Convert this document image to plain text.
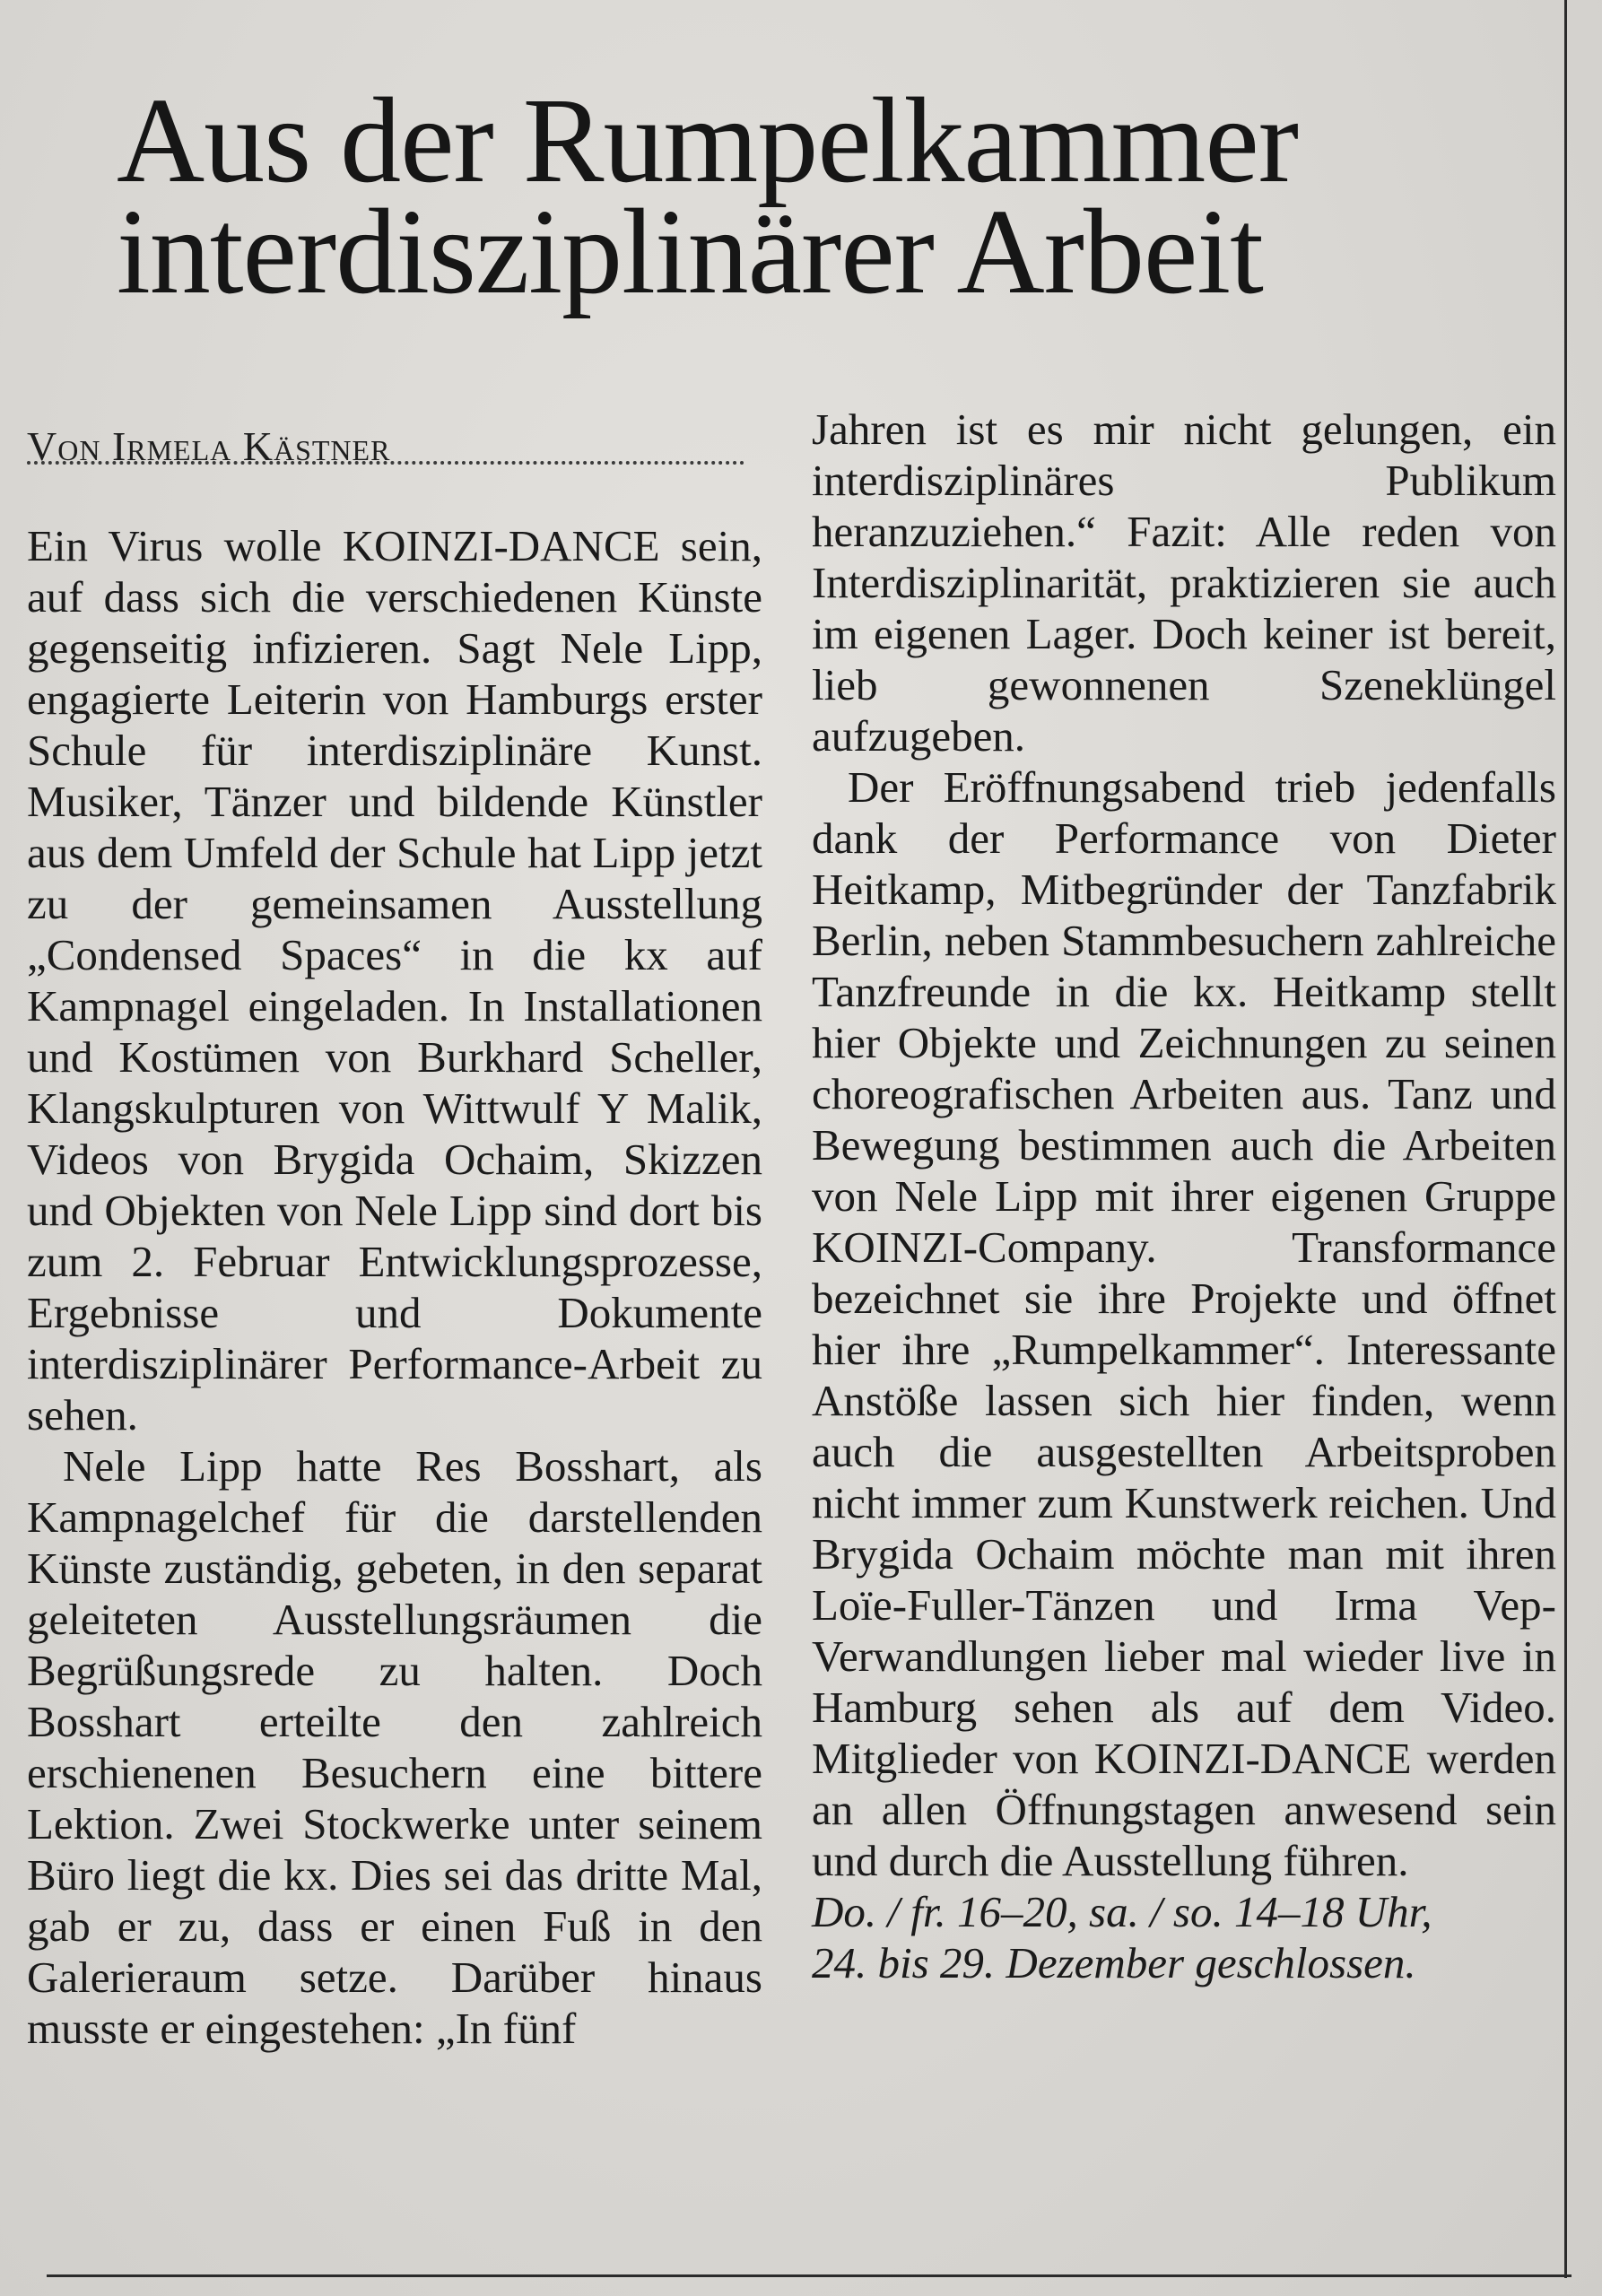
Aus der Rumpelkammer
interdisziplinärer Arbeit
Von Irmela Kästner

Ein Virus wolle KOINZI-DANCE sein, auf dass sich die verschiedenen Künste gegenseitig infizieren. Sagt Nele Lipp, engagierte Leiterin von Hamburgs erster Schule für interdisziplinäre Kunst. Musiker, Tänzer und bildende Künstler aus dem Umfeld der Schule hat Lipp jetzt zu der gemeinsamen Ausstellung „Condensed Spaces“ in die kx auf Kampnagel eingeladen. In Installationen und Kostümen von Burkhard Scheller, Klangskulpturen von Wittwulf Y Malik, Videos von Brygida Ochaim, Skizzen und Objekten von Nele Lipp sind dort bis zum 2. Februar Entwicklungsprozesse, Ergebnisse und Dokumente interdisziplinärer Performance-Arbeit zu sehen.

Nele Lipp hatte Res Bosshart, als Kampnagelchef für die darstellenden Künste zuständig, gebeten, in den separat geleiteten Ausstellungsräumen die Begrüßungsrede zu halten. Doch Bosshart erteilte den zahlreich erschienenen Besuchern eine bittere Lektion. Zwei Stockwerke unter seinem Büro liegt die kx. Dies sei das dritte Mal, gab er zu, dass er einen Fuß in den Galerieraum setze. Darüber hinaus musste er eingestehen: „In fünf

Jahren ist es mir nicht gelungen, ein interdisziplinäres Publikum heranzuziehen.“ Fazit: Alle reden von Interdisziplinarität, praktizieren sie auch im eigenen Lager. Doch keiner ist bereit, lieb gewonnenen Szeneklüngel aufzugeben.

Der Eröffnungsabend trieb jedenfalls dank der Performance von Dieter Heitkamp, Mitbegründer der Tanzfabrik Berlin, neben Stammbesuchern zahlreiche Tanzfreunde in die kx. Heitkamp stellt hier Objekte und Zeichnungen zu seinen choreografischen Arbeiten aus. Tanz und Bewegung bestimmen auch die Arbeiten von Nele Lipp mit ihrer eigenen Gruppe KOINZI-Company. Transformance bezeichnet sie ihre Projekte und öffnet hier ihre „Rumpelkammer“. Interessante Anstöße lassen sich hier finden, wenn auch die ausgestellten Arbeitsproben nicht immer zum Kunstwerk reichen. Und Brygida Ochaim möchte man mit ihren Loïe-Fuller-Tänzen und Irma Vep-Verwandlungen lieber mal wieder live in Hamburg sehen als auf dem Video. Mitglieder von KOINZI-DANCE werden an allen Öffnungstagen anwesend sein und durch die Ausstellung führen.

Do. / fr. 16–20, sa. / so. 14–18 Uhr,
24. bis 29. Dezember geschlossen.
